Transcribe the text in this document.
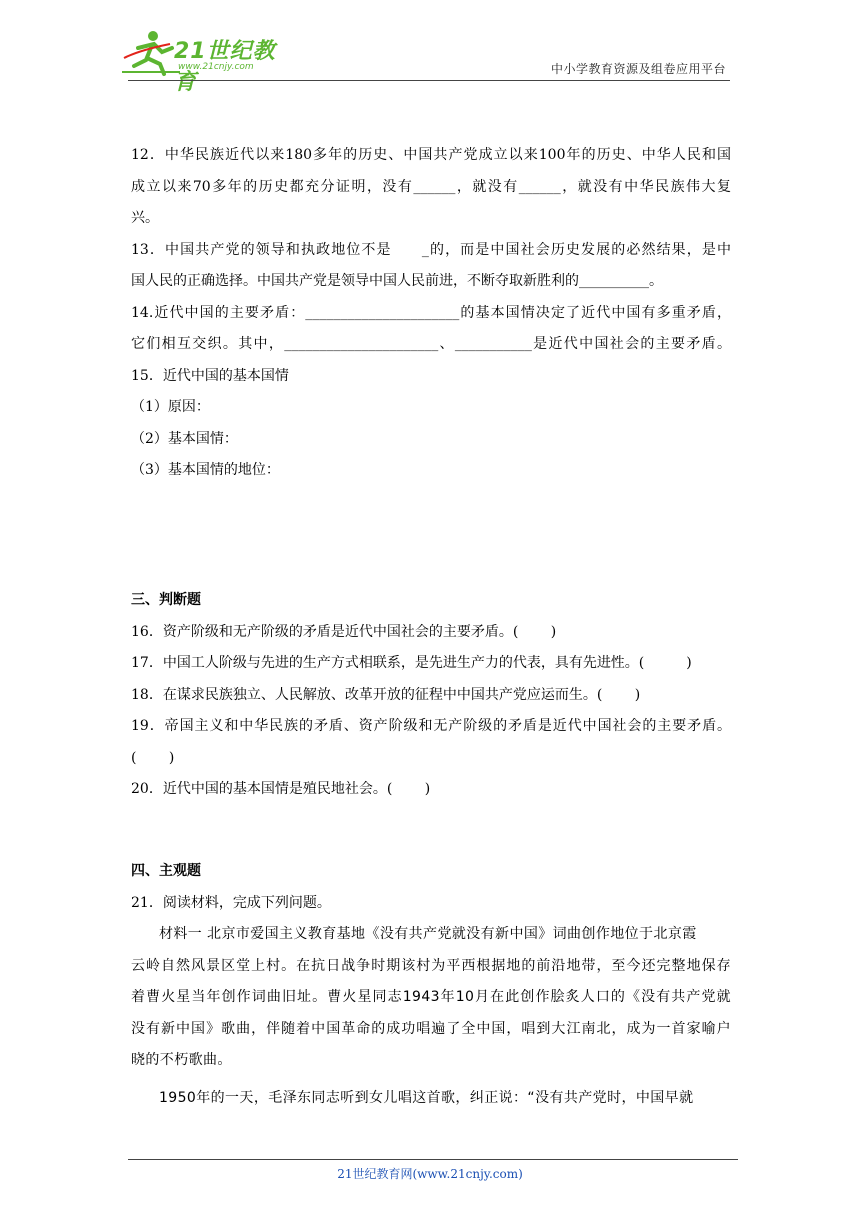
21世纪教育
www.21cnjy.com	中小学教育资源及组卷应用平台
12．中华民族近代以来180多年的历史、中国共产党成立以来100年的历史、中华人民和国
成立以来70多年的历史都充分证明，没有______，就没有______，就没有中华民族伟大复
兴。
13．中国共产党的领导和执政地位不是　　_的，而是中国社会历史发展的必然结果，是中
国人民的正确选择。中国共产党是领导中国人民前进，不断夺取新胜利的__________。
14.近代中国的主要矛盾：______________________的基本国情决定了近代中国有多重矛盾，
它们相互交织。其中，______________________、___________是近代中国社会的主要矛盾。
15．近代中国的基本国情
（1）原因：
（2）基本国情：
（3）基本国情的地位：
三、判断题
16．资产阶级和无产阶级的矛盾是近代中国社会的主要矛盾。(　　 )
17．中国工人阶级与先进的生产方式相联系，是先进生产力的代表，具有先进性。(　　　)
18．在谋求民族独立、人民解放、改革开放的征程中中国共产党应运而生。(　　 )
19．帝国主义和中华民族的矛盾、资产阶级和无产阶级的矛盾是近代中国社会的主要矛盾。
(　　 )
20．近代中国的基本国情是殖民地社会。(　　 )
四、主观题
21．阅读材料，完成下列问题。
材料一 北京市爱国主义教育基地《没有共产党就没有新中国》词曲创作地位于北京霞
云岭自然风景区堂上村。在抗日战争时期该村为平西根据地的前沿地带，至今还完整地保存
着曹火星当年创作词曲旧址。曹火星同志1943年10月在此创作脍炙人口的《没有共产党就
没有新中国》歌曲，伴随着中国革命的成功唱遍了全中国，唱到大江南北，成为一首家喻户
晓的不朽歌曲。
1950年的一天，毛泽东同志听到女儿唱这首歌，纠正说：“没有共产党时，中国早就
21世纪教育网(www.21cnjy.com)
